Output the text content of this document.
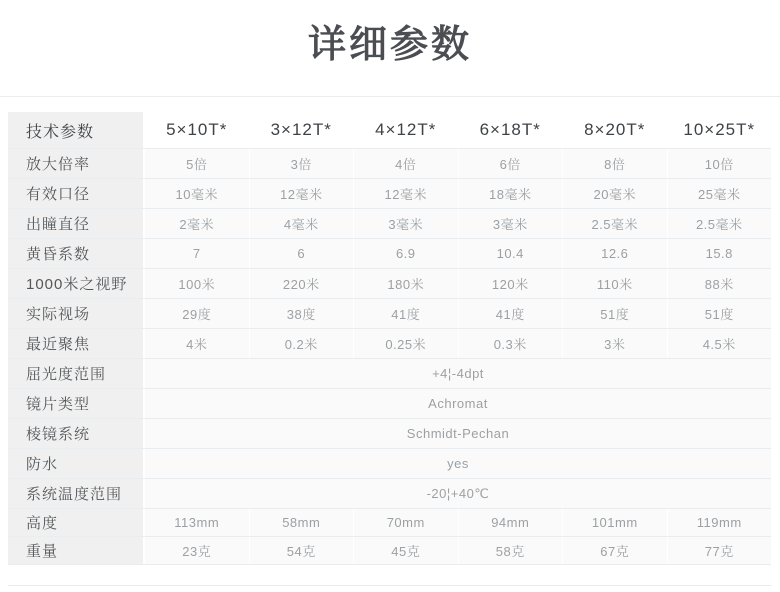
详细参数
技术参数	5×10T*	3×12T*	4×12T*	6×18T*	8×20T*	10×25T*
放大倍率	5倍	3倍	4倍	6倍	8倍	10倍
有效口径	10毫米	12毫米	12毫米	18毫米	20毫米	25毫米
出瞳直径	2毫米	4毫米	3毫米	3毫米	2.5毫米	2.5毫米
黄昏系数	7	6	6.9	10.4	12.6	15.8
1000米之视野	100米	220米	180米	120米	110米	88米
实际视场	29度	38度	41度	41度	51度	51度
最近聚焦	4米	0.2米	0.25米	0.3米	3米	4.5米
屈光度范围	+4¦-4dpt
镜片类型	Achromat
棱镜系统	Schmidt-Pechan
防水	yes
系统温度范围	-20¦+40℃
高度	113mm	58mm	70mm	94mm	101mm	119mm
重量	23克	54克	45克	58克	67克	77克
